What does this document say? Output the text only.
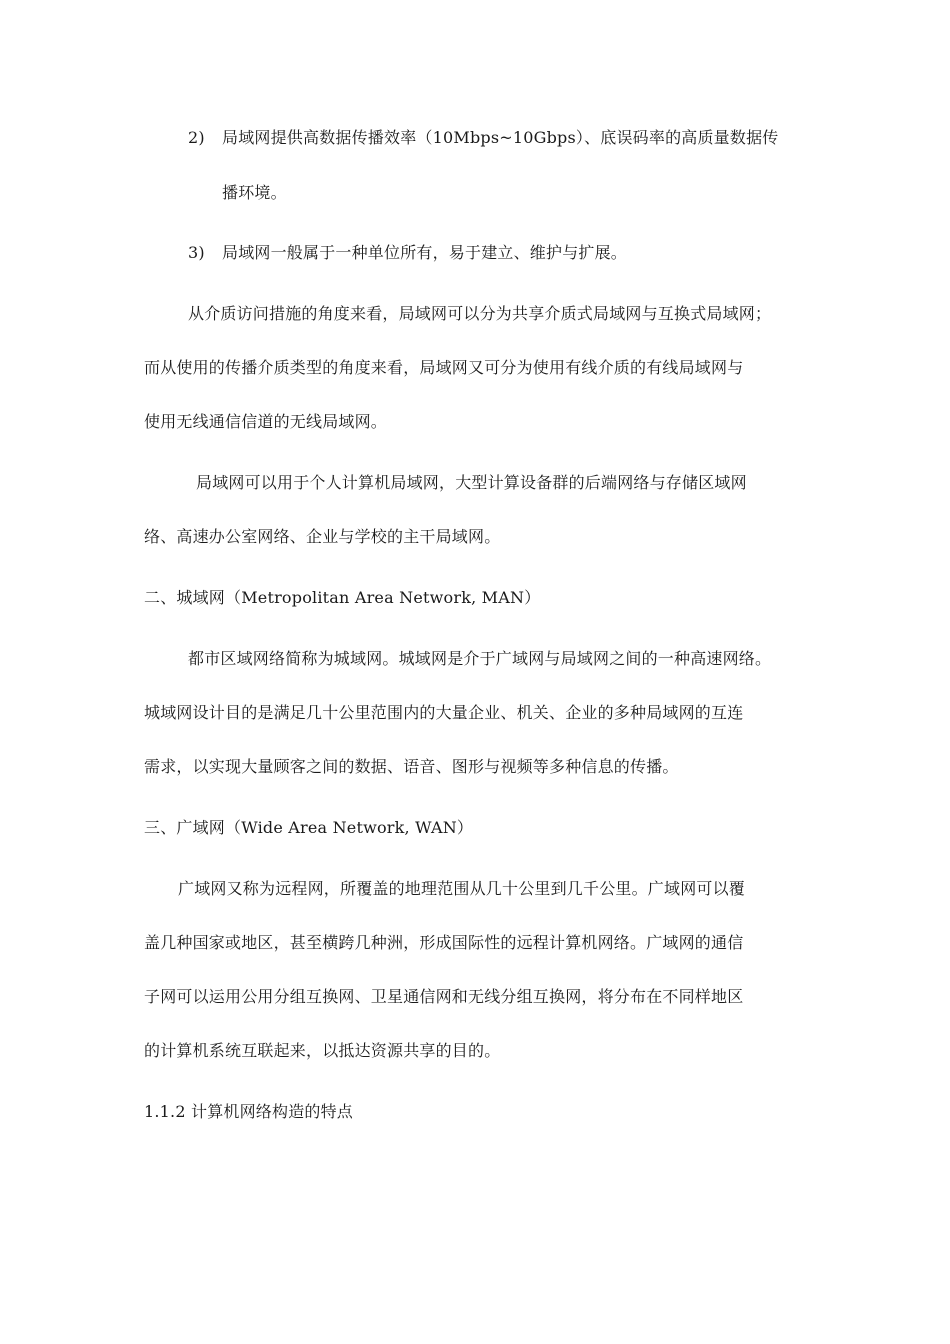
2) 局域网提供高数据传播效率（10Mbps~10Gbps）、底误码率的高质量数据传
播环境。
3) 局域网一般属于一种单位所有，易于建立、维护与扩展。
从介质访问措施的角度来看，局域网可以分为共享介质式局域网与互换式局域网；
而从使用的传播介质类型的角度来看，局域网又可分为使用有线介质的有线局域网与
使用无线通信信道的无线局域网。
局域网可以用于个人计算机局域网，大型计算设备群的后端网络与存储区域网
络、高速办公室网络、企业与学校的主干局域网。
二、城域网（Metropolitan Area Network, MAN）
都市区域网络简称为城域网。城域网是介于广域网与局域网之间的一种高速网络。
城域网设计目的是满足几十公里范围内的大量企业、机关、企业的多种局域网的互连
需求，以实现大量顾客之间的数据、语音、图形与视频等多种信息的传播。
三、广域网（Wide Area Network, WAN）
广域网又称为远程网，所覆盖的地理范围从几十公里到几千公里。广域网可以覆
盖几种国家或地区，甚至横跨几种洲，形成国际性的远程计算机网络。广域网的通信
子网可以运用公用分组互换网、卫星通信网和无线分组互换网，将分布在不同样地区
的计算机系统互联起来，以抵达资源共享的目的。
1.1.2 计算机网络构造的特点
